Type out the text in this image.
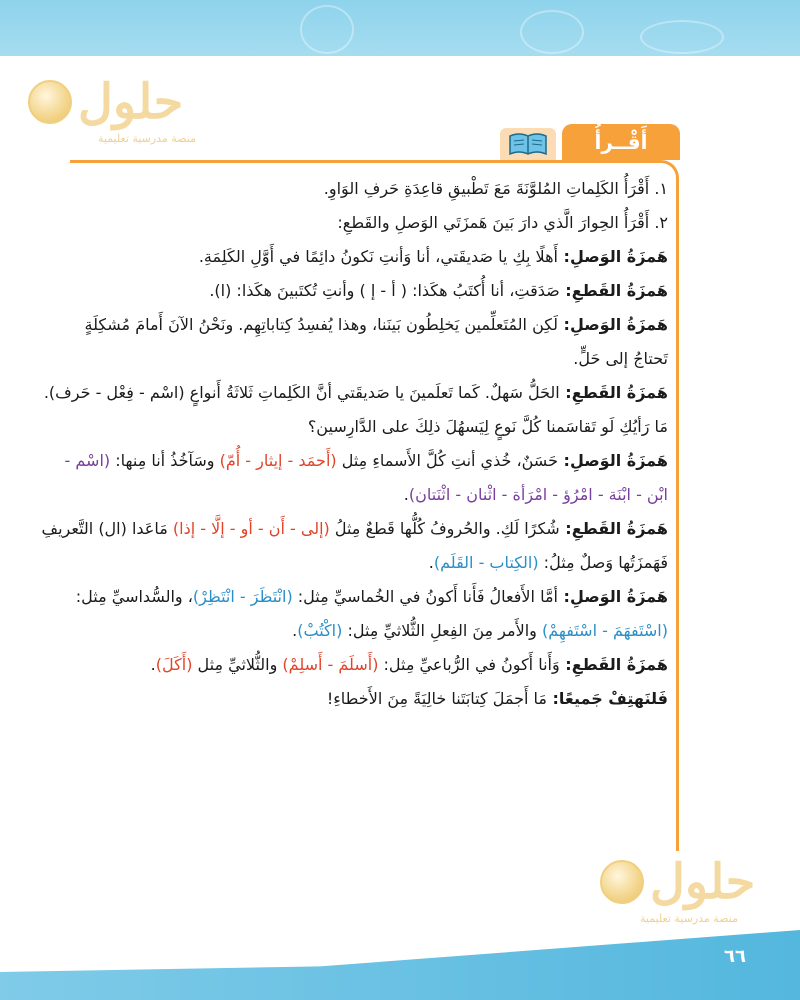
حلول
منصة مدرسية تعليمية
حلول
منصة مدرسية تعليمية
أَقْــرأُ
١. أَقْرَأُ الكَلِماتِ المُلوَّنَةَ مَعَ تَطْبيقِ قاعِدَةِ حَرفِ الوَاوِ.
٢. أَقْرَأُ الحِوارَ الَّذي دارَ بَينَ هَمزَتَي الوَصلِ والقَطعِ:
هَمزَةُ الوَصلِ: أَهلًا بِكِ يا صَديقَتي، أنا وَأنتِ نَكونُ دائِمًا في أَوَّلِ الكَلِمَةِ.
هَمزَةُ القَطعِ: صَدَقتِ، أنا أُكتَبُ هكَذا: ( أ - إ ) وأنتِ تُكتَبينَ هكَذا: (ا).
هَمزَةُ الوَصلِ: لَكِن المُتَعلِّمين يَخلِطُون بَينَنا، وهذا يُفسِدُ كِتاباتِهِم. ونَحْنُ الآنَ أَمامَ مُشكِلَةٍ
تَحتاجُ إلى حَلٍّ.
هَمزَةُ القَطعِ: الحَلُّ سَهلٌ. كَما تَعلَمينَ يا صَديقَتي أنَّ الكَلِماتِ ثَلاثَةُ أَنواعٍ (اسْم - فِعْل - حَرف).
مَا رَأيُكِ لَو تَقاسَمنا كُلَّ نَوعٍ لِيَسهُلَ ذلِكَ على الدَّارِسين؟
هَمزَةُ الوَصلِ: حَسَنٌ، خُذي أنتِ كُلَّ الأَسماءِ مِثل (أَحمَد - إيثار - أُمّ) وسَآخُذُ أنا مِنها: (اسْم -
ابْن - ابْنَة - امْرُؤ - امْرَأة - اثْنان - اثْنَتان).
هَمزَةُ القَطعِ: شُكرًا لَكِ. والحُروفُ كُلُّها قَطعٌ مِثلُ (إلى - أَن - أو - إلَّا - إذا) مَاعَدا (ال) التَّعريفِ
فَهَمزَتُها وَصلٌ مِثلُ: (الكِتاب - القَلَم).
هَمزَةُ الوَصلِ: أمَّا الأَفعالُ فَأَنا أَكونُ في الخُماسيِّ مِثل: (انْتَظَرَ - انْتَظِرْ)، والسُّداسيِّ مِثل:
(اسْتَفهَمَ - اسْتَفهِمْ) والأَمر مِنَ الفِعلِ الثُّلاثيِّ مِثل: (اكْتُبْ).
هَمزَةُ القَطعِ: وَأَنا أَكونُ في الرُّباعيِّ مِثل: (أَسلَمَ - أَسلِمْ) والثُّلاثيِّ مِثل (أَكَلَ).
فَلنَهتِفْ جَميعًا: مَا أَجمَلَ كِتابَتَنا خالِيَةً مِنَ الأَخطاءِ!
٦٦
